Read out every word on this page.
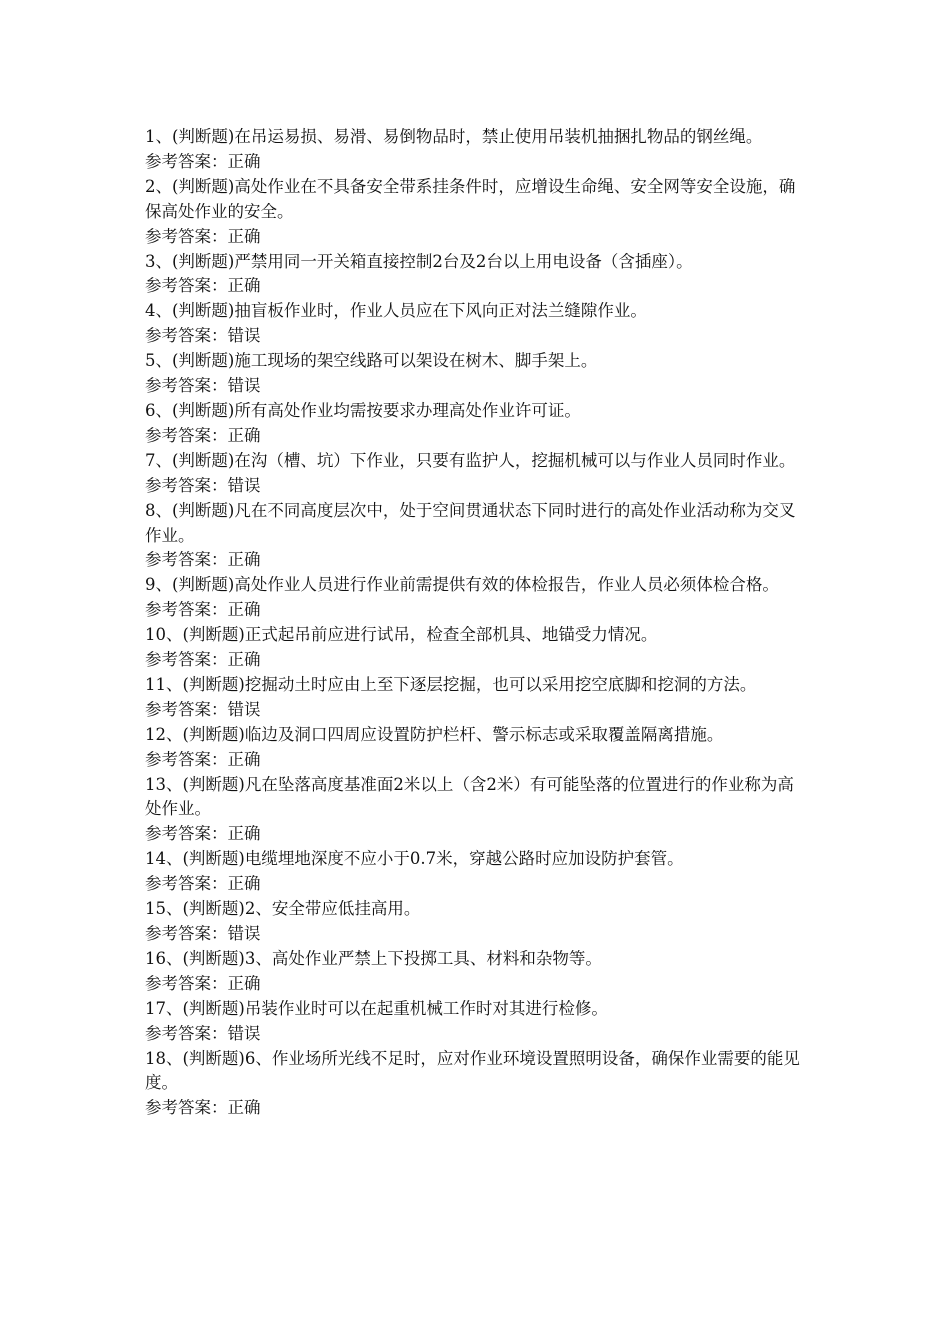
1、(判断题)在吊运易损、易滑、易倒物品时，禁止使用吊装机抽捆扎物品的钢丝绳。

参考答案：正确

2、(判断题)高处作业在不具备安全带系挂条件时，应增设生命绳、安全网等安全设施，确保高处作业的安全。

参考答案：正确

3、(判断题)严禁用同一开关箱直接控制2台及2台以上用电设备（含插座）。

参考答案：正确

4、(判断题)抽盲板作业时，作业人员应在下风向正对法兰缝隙作业。

参考答案：错误

5、(判断题)施工现场的架空线路可以架设在树木、脚手架上。

参考答案：错误

6、(判断题)所有高处作业均需按要求办理高处作业许可证。

参考答案：正确

7、(判断题)在沟（槽、坑）下作业，只要有监护人，挖掘机械可以与作业人员同时作业。

参考答案：错误

8、(判断题)凡在不同高度层次中，处于空间贯通状态下同时进行的高处作业活动称为交叉作业。

参考答案：正确

9、(判断题)高处作业人员进行作业前需提供有效的体检报告，作业人员必须体检合格。

参考答案：正确

10、(判断题)正式起吊前应进行试吊，检查全部机具、地锚受力情况。

参考答案：正确

11、(判断题)挖掘动土时应由上至下逐层挖掘，也可以采用挖空底脚和挖洞的方法。

参考答案：错误

12、(判断题)临边及洞口四周应设置防护栏杆、警示标志或采取覆盖隔离措施。

参考答案：正确

13、(判断题)凡在坠落高度基准面2米以上（含2米）有可能坠落的位置进行的作业称为高处作业。

参考答案：正确

14、(判断题)电缆埋地深度不应小于0.7米，穿越公路时应加设防护套管。

参考答案：正确

15、(判断题)2、安全带应低挂高用。

参考答案：错误

16、(判断题)3、高处作业严禁上下投掷工具、材料和杂物等。

参考答案：正确

17、(判断题)吊装作业时可以在起重机械工作时对其进行检修。

参考答案：错误

18、(判断题)6、作业场所光线不足时，应对作业环境设置照明设备，确保作业需要的能见度。

参考答案：正确
